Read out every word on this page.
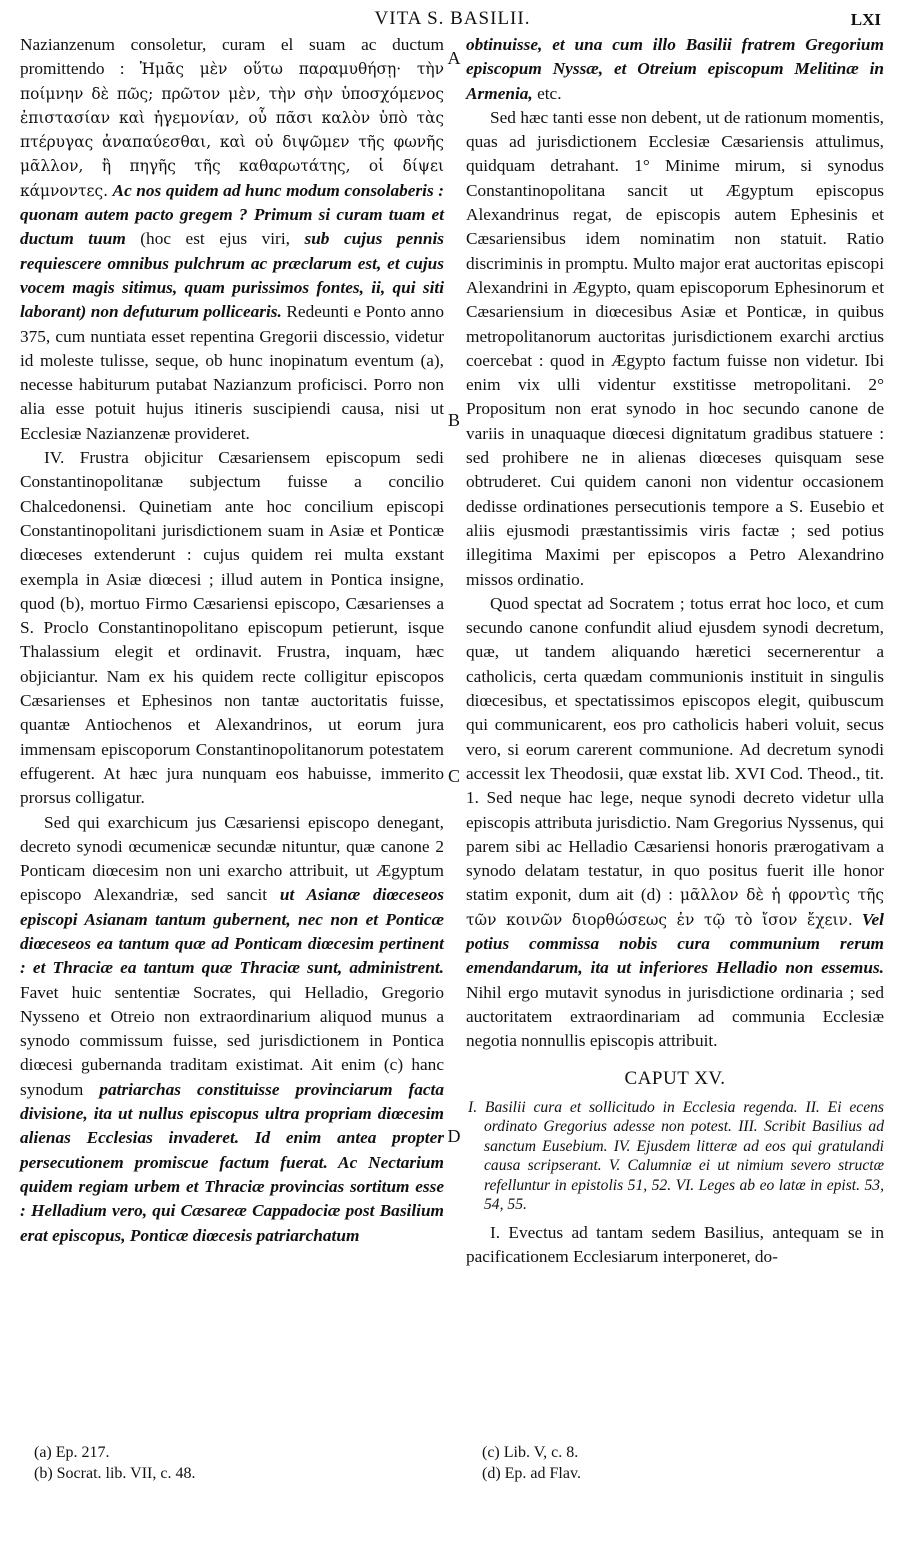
VITA S. BASILII.	LXI
A
B
C
D

Nazianzenum consoletur, curam el suam ac ductum promittendo : Ἡμᾶς μὲν οὕτω παραμυθήσῃ· τὴν ποίμνην δὲ πῶς; πρῶτον μὲν, τὴν σὴν ὑποσχόμενος ἐπιστασίαν καὶ ἡγεμονίαν, οὗ πᾶσι καλὸν ὑπὸ τὰς πτέρυγας ἀναπαύεσθαι, καὶ οὐ διψῶμεν τῆς φωνῆς μᾶλλον, ἢ πηγῆς τῆς καθαρωτάτης, οἱ δίψει κάμνοντες. Ac nos quidem ad hunc modum consolaberis : quonam autem pacto gregem ? Primum si curam tuam et ductum tuum (hoc est ejus viri, sub cujus pennis requiescere omnibus pulchrum ac præclarum est, et cujus vocem magis sitimus, quam purissimos fontes, ii, qui siti laborant) non defuturum pollicearis. Redeunti e Ponto anno 375, cum nuntiata esset repentina Gregorii discessio, videtur id moleste tulisse, seque, ob hunc inopinatum eventum (a), necesse habiturum putabat Nazianzum proficisci. Porro non alia esse potuit hujus itineris suscipiendi causa, nisi ut Ecclesiæ Nazianzenæ provideret.

IV. Frustra objicitur Cæsariensem episcopum sedi Constantinopolitanæ subjectum fuisse a concilio Chalcedonensi. Quinetiam ante hoc concilium episcopi Constantinopolitani jurisdictionem suam in Asiæ et Ponticæ diœceses extenderunt : cujus quidem rei multa exstant exempla in Asiæ diœcesi ; illud autem in Pontica insigne, quod (b), mortuo Firmo Cæsariensi episcopo, Cæsarienses a S. Proclo Constantinopolitano episcopum petierunt, isque Thalassium elegit et ordinavit. Frustra, inquam, hæc objiciantur. Nam ex his quidem recte colligitur episcopos Cæsarienses et Ephesinos non tantæ auctoritatis fuisse, quantæ Antiochenos et Alexandrinos, ut eorum jura immensam episcoporum Constantinopolitanorum potestatem effugerent. At hæc jura nunquam eos habuisse, immerito prorsus colligatur.

Sed qui exarchicum jus Cæsariensi episcopo denegant, decreto synodi œcumenicæ secundæ nituntur, quæ canone 2 Ponticam diœcesim non uni exarcho attribuit, ut Ægyptum episcopo Alexandriæ, sed sancit ut Asianæ diœceseos episcopi Asianam tantum gubernent, nec non et Ponticæ diœceseos ea tantum quæ ad Ponticam diœcesim pertinent : et Thraciæ ea tantum quæ Thraciæ sunt, administrent. Favet huic sententiæ Socrates, qui Helladio, Gregorio Nysseno et Otreio non extraordinarium aliquod munus a synodo commissum fuisse, sed jurisdictionem in Pontica diœcesi gubernanda traditam existimat. Ait enim (c) hanc synodum patriarchas constituisse provinciarum facta divisione, ita ut nullus episcopus ultra propriam diœcesim alienas Ecclesias invaderet. Id enim antea propter persecutionem promiscue factum fuerat. Ac Nectarium quidem regiam urbem et Thraciæ provincias sortitum esse : Helladium vero, qui Cæsareæ Cappadociæ post Basilium erat episcopus, Ponticæ diœcesis patriarchatum

obtinuisse, et una cum illo Basilii fratrem Gregorium episcopum Nyssæ, et Otreium episcopum Melitinæ in Armenia, etc.

Sed hæc tanti esse non debent, ut de rationum momentis, quas ad jurisdictionem Ecclesiæ Cæsariensis attulimus, quidquam detrahant. 1° Minime mirum, si synodus Constantinopolitana sancit ut Ægyptum episcopus Alexandrinus regat, de episcopis autem Ephesinis et Cæsariensibus idem nominatim non statuit. Ratio discriminis in promptu. Multo major erat auctoritas episcopi Alexandrini in Ægypto, quam episcoporum Ephesinorum et Cæsariensium in diœcesibus Asiæ et Ponticæ, in quibus metropolitanorum auctoritas jurisdictionem exarchi arctius coercebat : quod in Ægypto factum fuisse non videtur. Ibi enim vix ulli videntur exstitisse metropolitani. 2° Propositum non erat synodo in hoc secundo canone de variis in unaquaque diœcesi dignitatum gradibus statuere : sed prohibere ne in alienas diœceses quisquam sese obtruderet. Cui quidem canoni non videntur occasionem dedisse ordinationes persecutionis tempore a S. Eusebio et aliis ejusmodi præstantissimis viris factæ ; sed potius illegitima Maximi per episcopos a Petro Alexandrino missos ordinatio.

Quod spectat ad Socratem ; totus errat hoc loco, et cum secundo canone confundit aliud ejusdem synodi decretum, quæ, ut tandem aliquando hæretici secernerentur a catholicis, certa quædam communionis instituit in singulis diœcesibus, et spectatissimos episcopos elegit, quibuscum qui communicarent, eos pro catholicis haberi voluit, secus vero, si eorum carerent communione. Ad decretum synodi accessit lex Theodosii, quæ exstat lib. XVI Cod. Theod., tit. 1. Sed neque hac lege, neque synodi decreto videtur ulla episcopis attributa jurisdictio. Nam Gregorius Nyssenus, qui parem sibi ac Helladio Cæsariensi honoris prærogativam a synodo delatam testatur, in quo positus fuerit ille honor statim exponit, dum ait (d) : μᾶλλον δὲ ἡ φροντὶς τῆς τῶν κοινῶν διορθώσεως ἐν τῷ τὸ ἴσον ἔχειν. Vel potius commissa nobis cura communium rerum emendandarum, ita ut inferiores Helladio non essemus. Nihil ergo mutavit synodus in jurisdictione ordinaria ; sed auctoritatem extraordinariam ad communia Ecclesiæ negotia nonnullis episcopis attribuit.

CAPUT XV.
I. Basilii cura et sollicitudo in Ecclesia regenda. II. Ei ecens ordinato Gregorius adesse non potest. III. Scribit Basilius ad sanctum Eusebium. IV. Ejusdem litteræ ad eos qui gratulandi causa scripserant. V. Calumniæ ei ut nimium severo structæ refelluntur in epistolis 51, 52. VI. Leges ab eo latæ in epist. 53, 54, 55.

I. Evectus ad tantam sedem Basilius, antequam se in pacificationem Ecclesiarum interponeret, do-

(a) Ep. 217.
(b) Socrat. lib. VII, c. 48.
(c) Lib. V, c. 8.
(d) Ep. ad Flav.
